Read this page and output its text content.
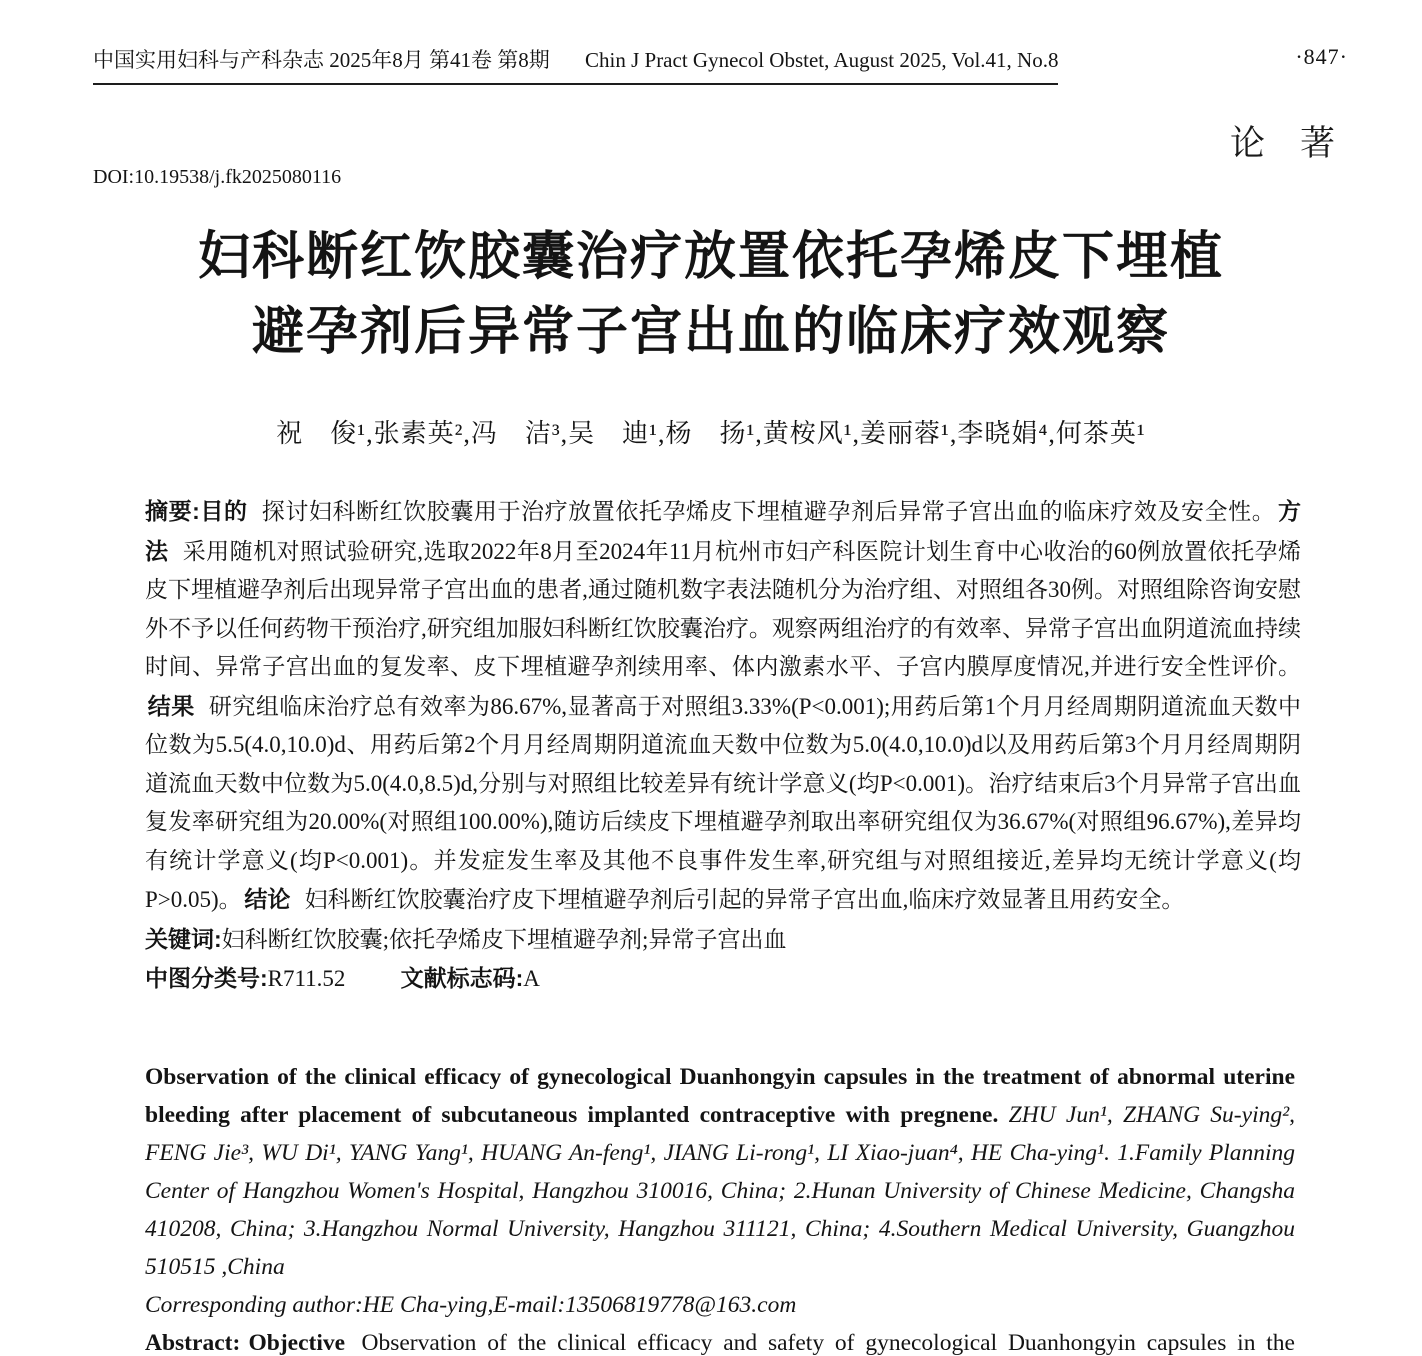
中国实用妇科与产科杂志 2025年8月 第41卷 第8期 Chin J Pract Gynecol Obstet, August 2025, Vol.41, No.8	·847·
论　著
DOI:10.19538/j.fk2025080116
妇科断红饮胶囊治疗放置依托孕烯皮下埋植
避孕剂后异常子宫出血的临床疗效观察
祝　俊¹,张素英²,冯　洁³,吴　迪¹,杨　扬¹,黄桉风¹,姜丽蓉¹,李晓娟⁴,何茶英¹

摘要:目的 探讨妇科断红饮胶囊用于治疗放置依托孕烯皮下埋植避孕剂后异常子宫出血的临床疗效及安全性。 方法 采用随机对照试验研究,选取2022年8月至2024年11月杭州市妇产科医院计划生育中心收治的60例放置依托孕烯皮下埋植避孕剂后出现异常子宫出血的患者,通过随机数字表法随机分为治疗组、对照组各30例。对照组除咨询安慰外不予以任何药物干预治疗,研究组加服妇科断红饮胶囊治疗。观察两组治疗的有效率、异常子宫出血阴道流血持续时间、异常子宫出血的复发率、皮下埋植避孕剂续用率、体内激素水平、子宫内膜厚度情况,并进行安全性评价。结果 研究组临床治疗总有效率为86.67%,显著高于对照组3.33%(P<0.001);用药后第1个月月经周期阴道流血天数中位数为5.5(4.0,10.0)d、用药后第2个月月经周期阴道流血天数中位数为5.0(4.0,10.0)d以及用药后第3个月月经周期阴道流血天数中位数为5.0(4.0,8.5)d,分别与对照组比较差异有统计学意义(均P<0.001)。治疗结束后3个月异常子宫出血复发率研究组为20.00%(对照组100.00%),随访后续皮下埋植避孕剂取出率研究组仅为36.67%(对照组96.67%),差异均有统计学意义(均P<0.001)。并发症发生率及其他不良事件发生率,研究组与对照组接近,差异均无统计学意义(均P>0.05)。 结论 妇科断红饮胶囊治疗皮下埋植避孕剂后引起的异常子宫出血,临床疗效显著且用药安全。

关键词:妇科断红饮胶囊;依托孕烯皮下埋植避孕剂;异常子宫出血

中图分类号:R711.52 文献标志码:A

Observation of the clinical efficacy of gynecological Duanhongyin capsules in the treatment of abnormal uterine bleeding after placement of subcutaneous implanted contraceptive with pregnene. ZHU Jun¹, ZHANG Su-ying², FENG Jie³, WU Di¹, YANG Yang¹, HUANG An-feng¹, JIANG Li-rong¹, LI Xiao-juan⁴, HE Cha-ying¹. 1.Family Planning Center of Hangzhou Women's Hospital, Hangzhou 310016, China; 2.Hunan University of Chinese Medicine, Changsha 410208, China; 3.Hangzhou Normal University, Hangzhou 311121, China; 4.Southern Medical University, Guangzhou 510515 ,China

Corresponding author:HE Cha-ying,E-mail:13506819778@163.com

Abstract: Objective Observation of the clinical efficacy and safety of gynecological Duanhongyin capsules in the
